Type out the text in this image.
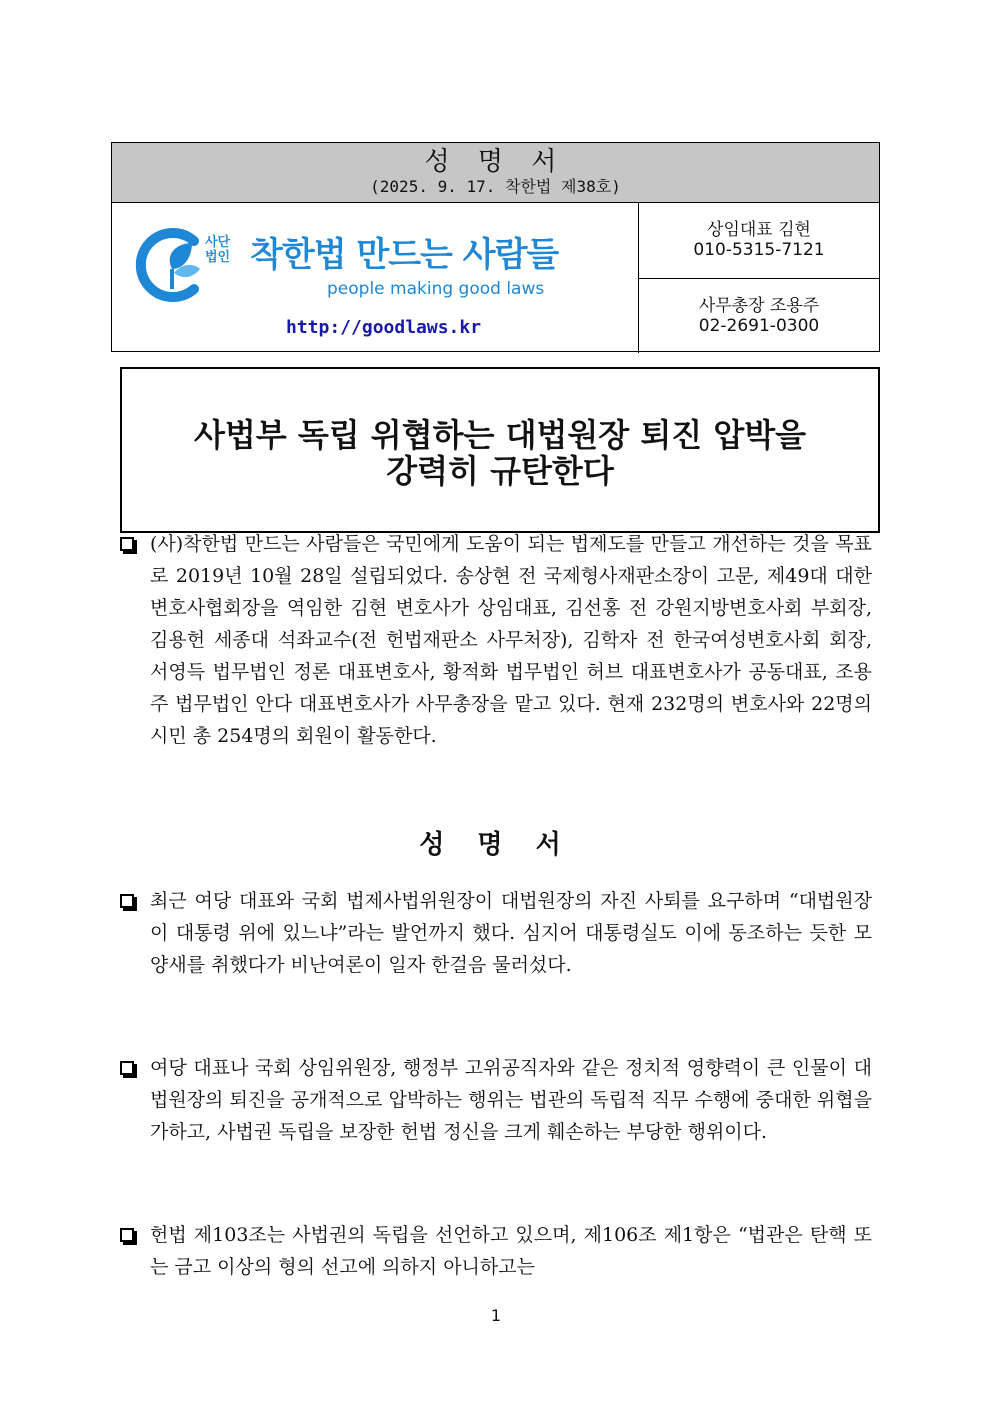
성 명 서
(2025. 9. 17. 착한법 제38호)
사단
법인 착한법 만드는 사람들
people making good laws
http://goodlaws.kr
상임대표 김현
010-5315-7121
사무총장 조용주
02-2691-0300
사법부 독립 위협하는 대법원장 퇴진 압박을
강력히 규탄한다
(사)착한법 만드는 사람들은 국민에게 도움이 되는 법제도를 만들고 개선하는 것을 목표로 2019년 10월 28일 설립되었다. 송상현 전 국제형사재판소장이 고문, 제49대 대한변호사협회장을 역임한 김현 변호사가 상임대표, 김선홍 전 강원지방변호사회 부회장, 김용헌 세종대 석좌교수(전 헌법재판소 사무처장), 김학자 전 한국여성변호사회 회장, 서영득 법무법인 정론 대표변호사, 황적화 법무법인 허브 대표변호사가 공동대표, 조용주 법무법인 안다 대표변호사가 사무총장을 맡고 있다. 현재 232명의 변호사와 22명의 시민 총 254명의 회원이 활동한다.
성 명 서
최근 여당 대표와 국회 법제사법위원장이 대법원장의 자진 사퇴를 요구하며 “대법원장이 대통령 위에 있느냐”라는 발언까지 했다. 심지어 대통령실도 이에 동조하는 듯한 모양새를 취했다가 비난여론이 일자 한걸음 물러섰다.
여당 대표나 국회 상임위원장, 행정부 고위공직자와 같은 정치적 영향력이 큰 인물이 대법원장의 퇴진을 공개적으로 압박하는 행위는 법관의 독립적 직무 수행에 중대한 위협을 가하고, 사법권 독립을 보장한 헌법 정신을 크게 훼손하는 부당한 행위이다.
헌법 제103조는 사법권의 독립을 선언하고 있으며, 제106조 제1항은 “법관은 탄핵 또는 금고 이상의 형의 선고에 의하지 아니하고는
1
